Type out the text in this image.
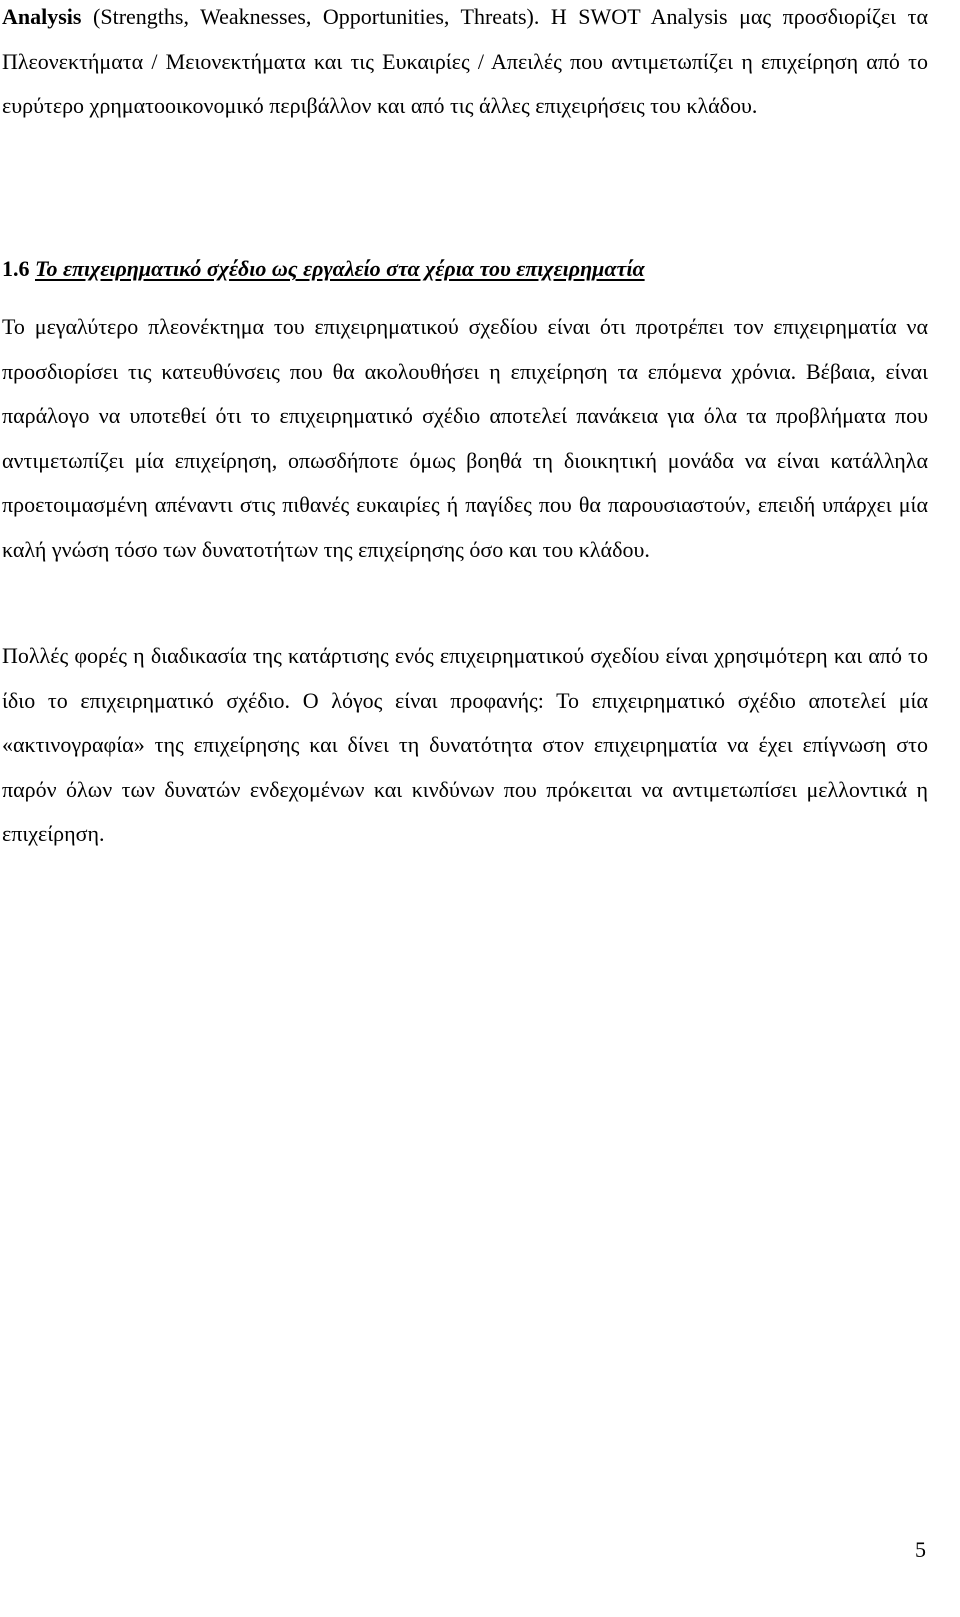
Analysis (Strengths, Weaknesses, Opportunities, Threats). Η SWOT Analysis μας προσδιορίζει τα Πλεονεκτήματα / Μειονεκτήματα και τις Ευκαιρίες / Απειλές που αντιμετωπίζει η επιχείρηση από το ευρύτερο χρηματοοικονομικό περιβάλλον και από τις άλλες επιχειρήσεις του κλάδου.

1.6 Το επιχειρηματικό σχέδιο ως εργαλείο στα χέρια του επιχειρηματία

Το μεγαλύτερο πλεονέκτημα του επιχειρηματικού σχεδίου είναι ότι προτρέπει τον επιχειρηματία να προσδιορίσει τις κατευθύνσεις που θα ακολουθήσει η επιχείρηση τα επόμενα χρόνια. Βέβαια, είναι παράλογο να υποτεθεί ότι το επιχειρηματικό σχέδιο αποτελεί πανάκεια για όλα τα προβλήματα που αντιμετωπίζει μία επιχείρηση, οπωσδήποτε όμως βοηθά τη διοικητική μονάδα να είναι κατάλληλα προετοιμασμένη απέναντι στις πιθανές ευκαιρίες ή παγίδες που θα παρουσιαστούν, επειδή υπάρχει μία καλή γνώση τόσο των δυνατοτήτων της επιχείρησης όσο και του κλάδου.

Πολλές φορές η διαδικασία της κατάρτισης ενός επιχειρηματικού σχεδίου είναι χρησιμότερη και από το ίδιο το επιχειρηματικό σχέδιο. Ο λόγος είναι προφανής: Το επιχειρηματικό σχέδιο αποτελεί μία «ακτινογραφία» της επιχείρησης και δίνει τη δυνατότητα στον επιχειρηματία να έχει επίγνωση στο παρόν όλων των δυνατών ενδεχομένων και κινδύνων που πρόκειται να αντιμετωπίσει μελλοντικά η επιχείρηση.

5
